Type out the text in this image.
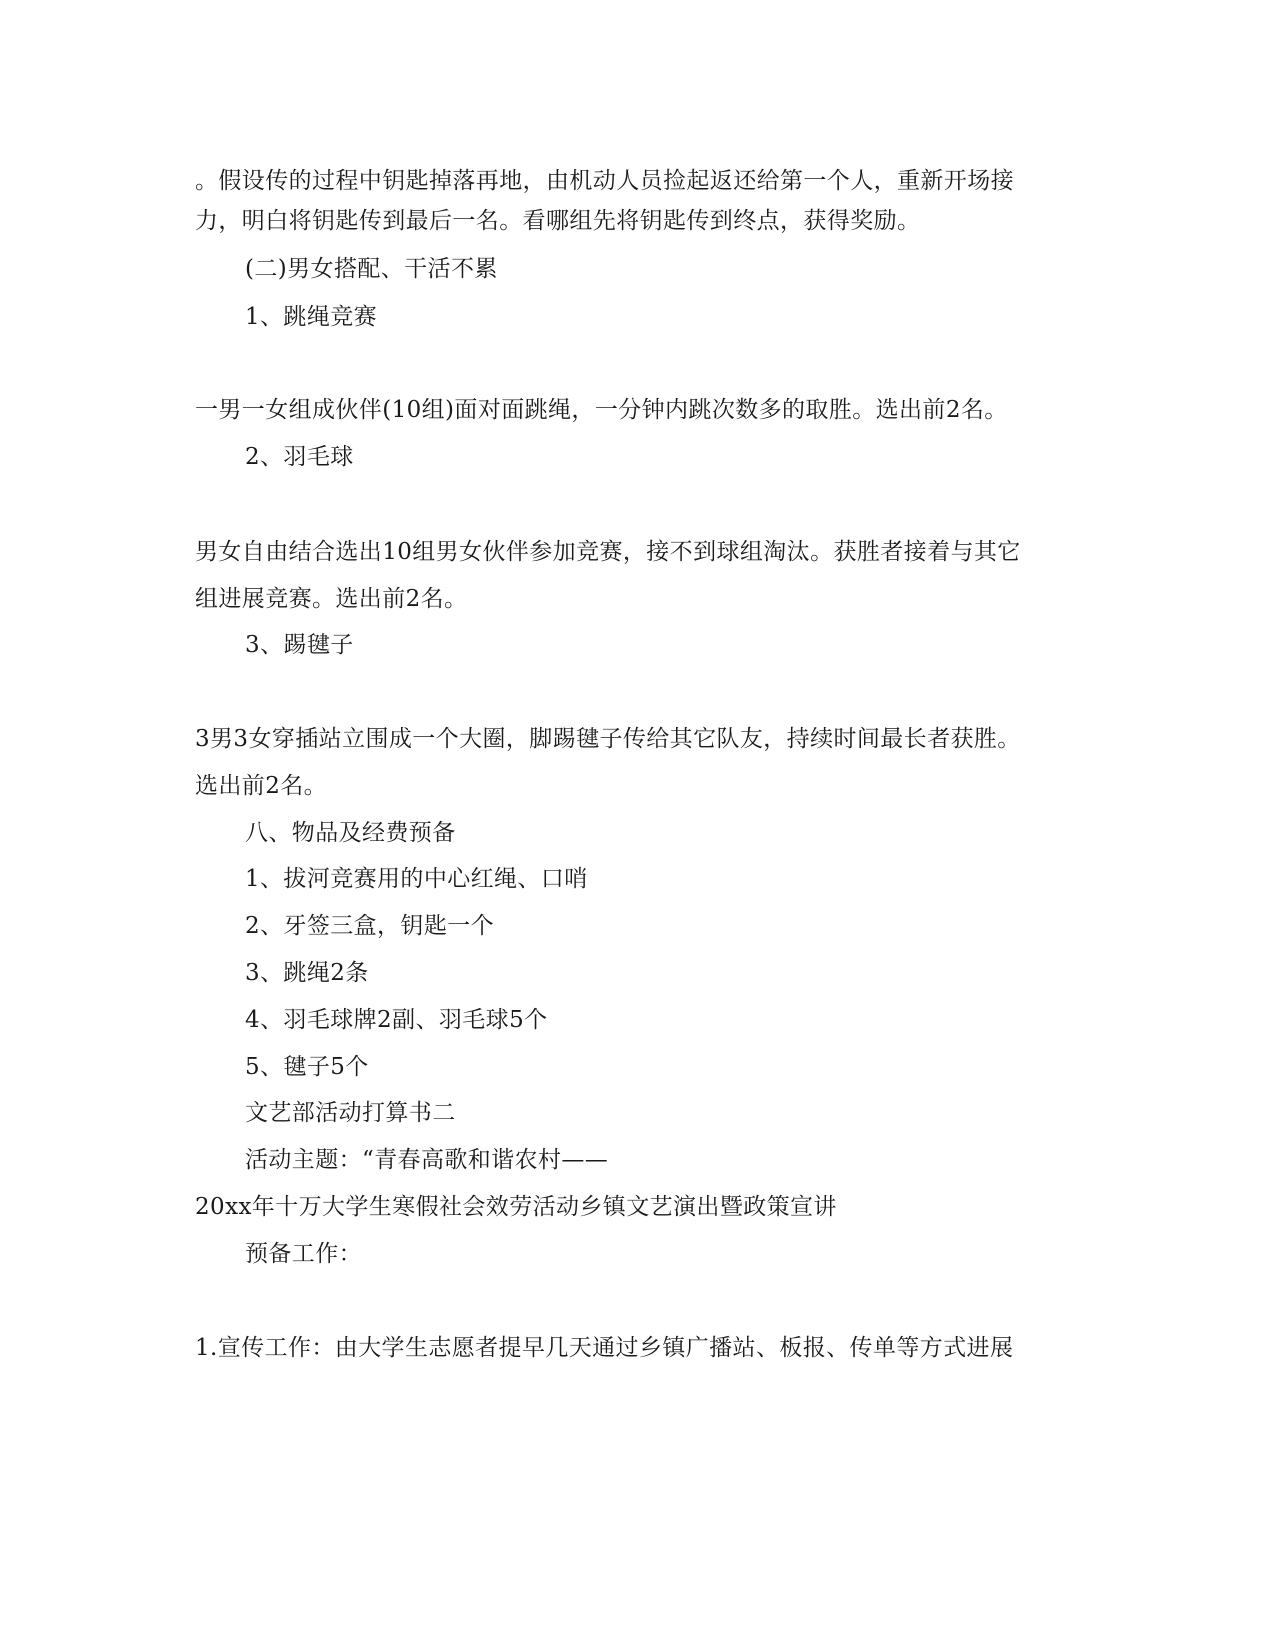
。假设传的过程中钥匙掉落再地，由机动人员捡起返还给第一个人，重新开场接
力，明白将钥匙传到最后一名。看哪组先将钥匙传到终点，获得奖励。
(二)男女搭配、干活不累
1、跳绳竞赛
一男一女组成伙伴(10组)面对面跳绳，一分钟内跳次数多的取胜。选出前2名。
2、羽毛球
男女自由结合选出10组男女伙伴参加竞赛，接不到球组淘汰。获胜者接着与其它
组进展竞赛。选出前2名。
3、踢毽子
3男3女穿插站立围成一个大圈，脚踢毽子传给其它队友，持续时间最长者获胜。
选出前2名。
八、物品及经费预备
1、拔河竞赛用的中心红绳、口哨
2、牙签三盒，钥匙一个
3、跳绳2条
4、羽毛球牌2副、羽毛球5个
5、毽子5个
文艺部活动打算书二
活动主题：“青春高歌和谐农村——
20xx年十万大学生寒假社会效劳活动乡镇文艺演出暨政策宣讲
预备工作：
1.宣传工作：由大学生志愿者提早几天通过乡镇广播站、板报、传单等方式进展
